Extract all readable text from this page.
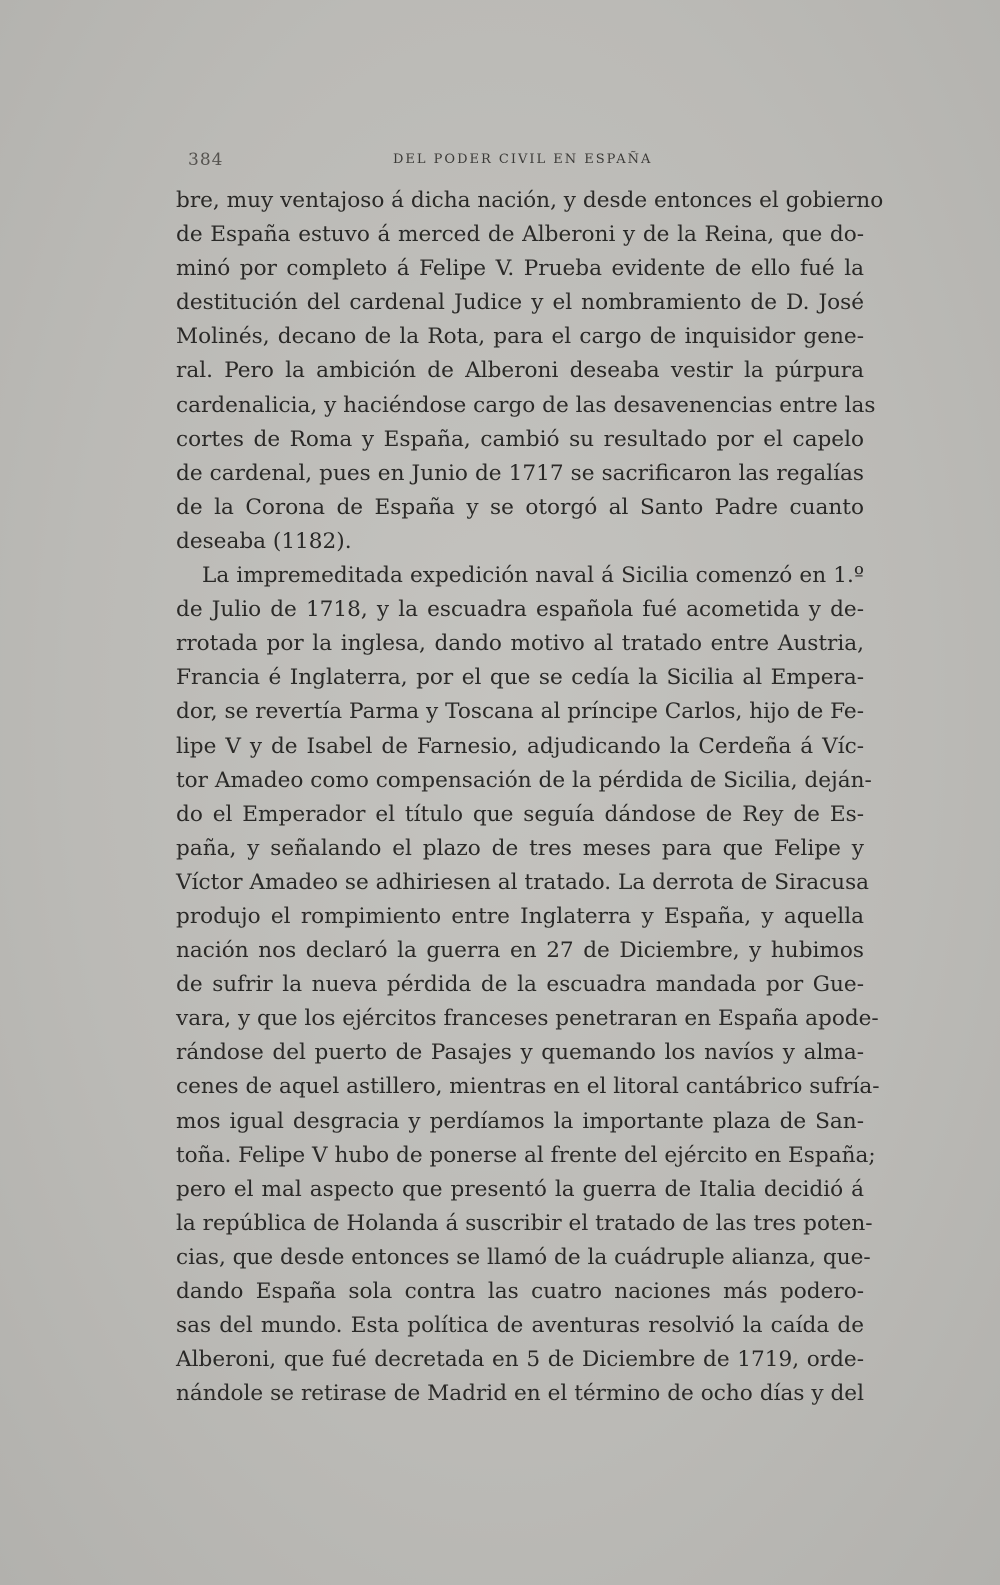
384	DEL PODER CIVIL EN ESPAÑA
bre, muy ventajoso á dicha nación, y desde entonces el gobierno
de España estuvo á merced de Alberoni y de la Reina, que do-
minó por completo á Felipe V. Prueba evidente de ello fué la
destitución del cardenal Judice y el nombramiento de D. José
Molinés, decano de la Rota, para el cargo de inquisidor gene-
ral. Pero la ambición de Alberoni deseaba vestir la púrpura
cardenalicia, y haciéndose cargo de las desavenencias entre las
cortes de Roma y España, cambió su resultado por el capelo
de cardenal, pues en Junio de 1717 se sacrificaron las regalías
de la Corona de España y se otorgó al Santo Padre cuanto
deseaba (1182).
La impremeditada expedición naval á Sicilia comenzó en 1.º
de Julio de 1718, y la escuadra española fué acometida y de-
rrotada por la inglesa, dando motivo al tratado entre Austria,
Francia é Inglaterra, por el que se cedía la Sicilia al Empera-
dor, se revertía Parma y Toscana al príncipe Carlos, hijo de Fe-
lipe V y de Isabel de Farnesio, adjudicando la Cerdeña á Víc-
tor Amadeo como compensación de la pérdida de Sicilia, deján-
do el Emperador el título que seguía dándose de Rey de Es-
paña, y señalando el plazo de tres meses para que Felipe y
Víctor Amadeo se adhiriesen al tratado. La derrota de Siracusa
produjo el rompimiento entre Inglaterra y España, y aquella
nación nos declaró la guerra en 27 de Diciembre, y hubimos
de sufrir la nueva pérdida de la escuadra mandada por Gue-
vara, y que los ejércitos franceses penetraran en España apode-
rándose del puerto de Pasajes y quemando los navíos y alma-
cenes de aquel astillero, mientras en el litoral cantábrico sufría-
mos igual desgracia y perdíamos la importante plaza de San-
toña. Felipe V hubo de ponerse al frente del ejército en España;
pero el mal aspecto que presentó la guerra de Italia decidió á
la república de Holanda á suscribir el tratado de las tres poten-
cias, que desde entonces se llamó de la cuádruple alianza, que-
dando España sola contra las cuatro naciones más podero-
sas del mundo. Esta política de aventuras resolvió la caída de
Alberoni, que fué decretada en 5 de Diciembre de 1719, orde-
nándole se retirase de Madrid en el término de ocho días y del
